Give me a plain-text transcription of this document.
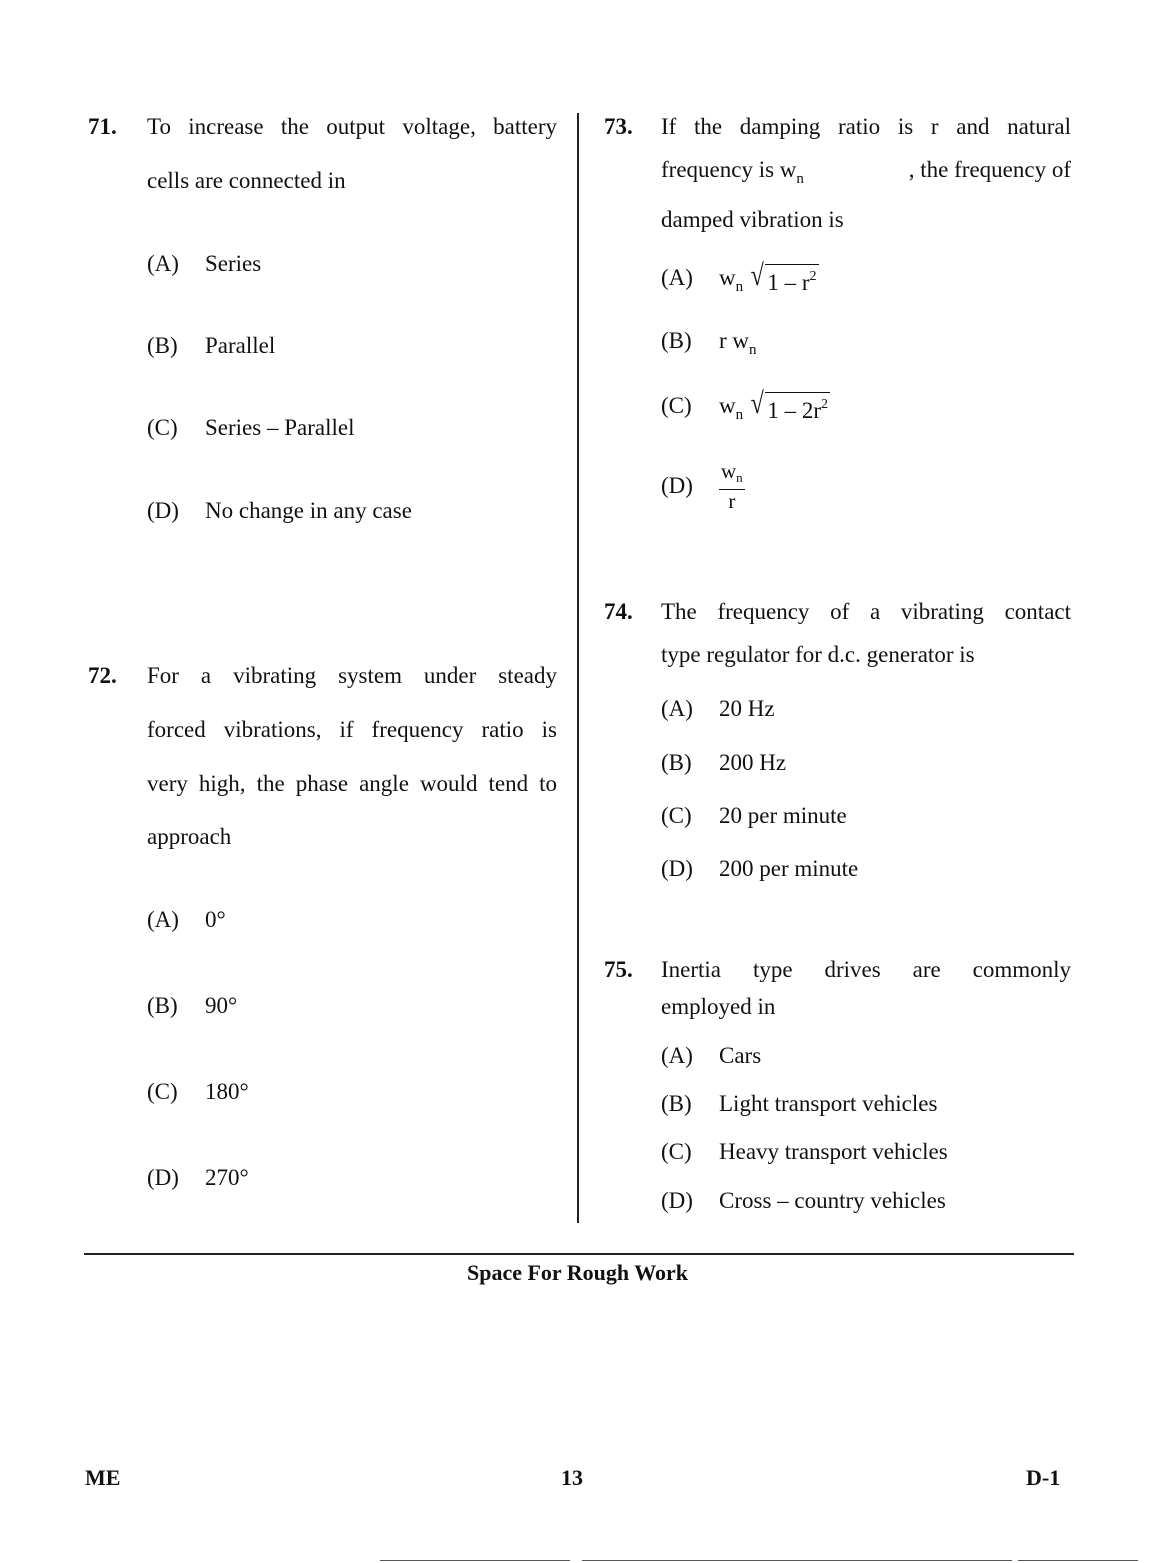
71. To increase the output voltage, battery
cells are connected in
(A) Series
(B) Parallel
(C) Series – Parallel
(D) No change in any case
72. For a vibrating system under steady
forced vibrations, if frequency ratio is
very high, the phase angle would tend to
approach
(A) 0°
(B) 90°
(C) 180°
(D) 270°
73. If the damping ratio is r and natural
frequency is $w_n$	, the frequency of
damped vibration is
(A) $w_n$ √ $1 - r^2$
(B) r $w_n$
(C) $w_n$ √ $1 - 2r^2$
(D)	$\frac{w_n}{r}$
74. The frequency of a vibrating contact
type regulator for d.c. generator is
(A) 20 Hz
(B) 200 Hz
(C) 20 per minute
(D) 200 per minute
75. Inertia type drives are commonly
employed in
(A) Cars
(B) Light transport vehicles
(C) Heavy transport vehicles
(D) Cross – country vehicles
Space For Rough Work
ME	13	D-1
